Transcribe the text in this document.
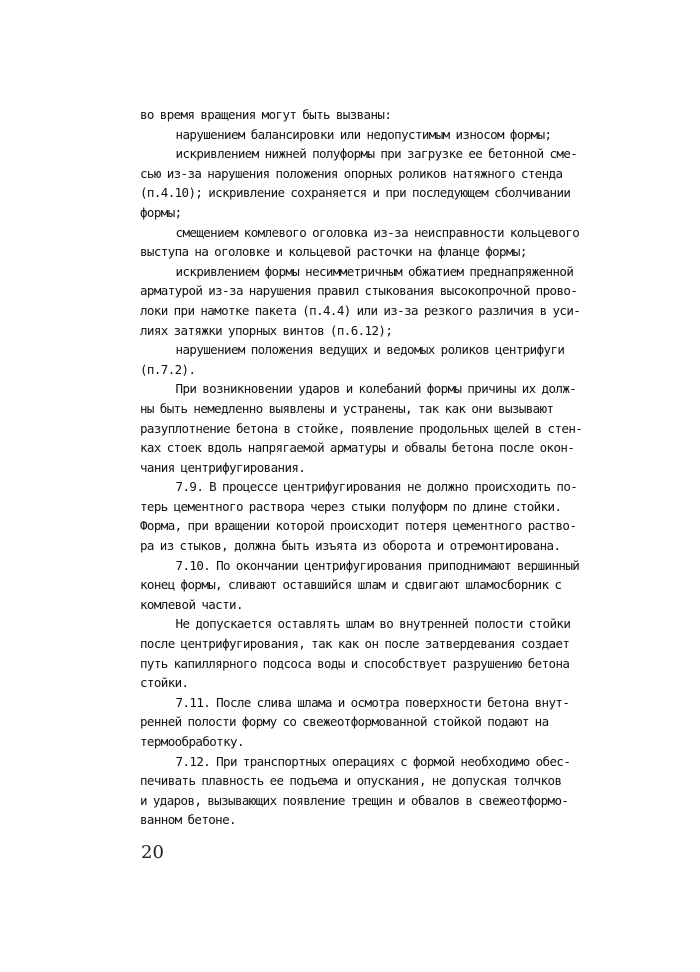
во время вращения могут быть вызваны:
нарушением балансировки или недопустимым износом формы;
искривлением нижней полуформы при загрузке ее бетонной сме-
сью из-за нарушения положения опорных роликов натяжного стенда
(п.4.10); искривление сохраняется и при последующем сболчивании
формы;
смещением комлевого оголовка из-за неисправности кольцевого
выступа на оголовке и кольцевой расточки на фланце формы;
искривлением формы несимметричным обжатием преднапряженной
арматурой из-за нарушения правил стыкования высокопрочной прово-
локи при намотке пакета (п.4.4) или из-за резкого различия в уси-
лиях затяжки упорных винтов (п.6.12);
нарушением положения ведущих и ведомых роликов центрифуги
(п.7.2).
При возникновении ударов и колебаний формы причины их долж-
ны быть немедленно выявлены и устранены, так как они вызывают
разуплотнение бетона в стойке, появление продольных щелей в стен-
ках стоек вдоль напрягаемой арматуры и обвалы бетона после окон-
чания центрифугирования.
7.9. В процессе центрифугирования не должно происходить по-
терь цементного раствора через стыки полуформ по длине стойки.
Форма, при вращении которой происходит потеря цементного раство-
ра из стыков, должна быть изъята из оборота и отремонтирована.
7.10. По окончании центрифугирования приподнимают вершинный
конец формы, сливают оставшийся шлам и сдвигают шламосборник с
комлевой части.
Не допускается оставлять шлам во внутренней полости стойки
после центрифугирования, так как он после затвердевания создает
путь капиллярного подсоса воды и способствует разрушению бетона
стойки.
7.11. После слива шлама и осмотра поверхности бетона внут-
ренней полости форму со свежеотформованной стойкой подают на
термообработку.
7.12. При транспортных операциях с формой необходимо обес-
печивать плавность ее подъема и опускания, не допуская толчков
и ударов, вызывающих появление трещин и обвалов в свежеотформо-
ванном бетоне.
20
